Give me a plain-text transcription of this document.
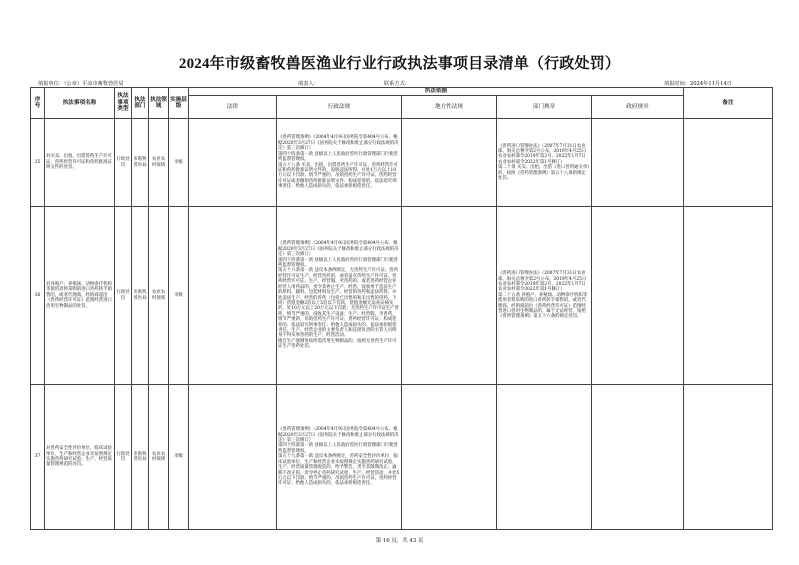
2024年市级畜牧兽医渔业行业行政执法事项目录清单（行政处罚）
填报单位：（公章）平凉市畜牧兽医局	填表人：	联系方式：	填报时间：2024年11月14日
序号	执法事项名称	执法事项类型	执法部门	执法领域	实施层级	执法依据					备注
						法律	行政法规	地方性法规	部门规章	政府规章	
35	对买卖、出租、出借兽药生产许可证、兽药经营许可证和兽药批准证明文件的处罚。	行政处罚	市畜牧兽医局	农业农村领域	市级		《兽药管理条例》（2004年4月9日国务院令第404号公布，根据2020年3月27日《国务院关于修改和废止部分行政法规的决定》第三次修订）
第四十四条第一款 县级以上人民政府兽医行政管理部门行使兽药监督管理权。
第五十八条 买卖、出租、出借兽药生产许可证、兽药经营许可证和兽药批准证明文件的，没收违法所得，并处1万元以上10万元以下罚款；情节严重的，吊销兽药生产许可证、兽药经营许可证或者撤销兽药批准证明文件；构成犯罪的，依法追究刑事责任；给他人造成损失的，依法承担赔偿责任。		《兽药进口管理办法》（2007年7月31日农业部、海关总署令第2号公布，2019年4月25日农业农村部令2019年第2号、2022年1月7日农业农村部令2022年第1号修订）
第二十条 买卖、出租、出借《进口兽药通关单》的，按照《兽药管理条例》第五十八条的规定处罚。		

36	对养殖户、养殖场、动物诊疗机构等使用者将采购的进口兽药转手销售的，或者代理商、经销商超出《兽药经营许可证》范围经营进口兽用生物制品的处罚。	行政处罚	市畜牧兽医局	农业农村领域	市级		《兽药管理条例》（2004年4月9日国务院令第404号公布，根据2020年3月27日《国务院关于修改和废止部分行政法规的决定》第三次修订）
第四十四条第一款 县级以上人民政府兽医行政管理部门行使兽药监督管理权。
第五十六条第一款 违反本条例规定，无兽药生产许可证、兽药经营许可证生产、经营兽药的，或者虽有兽药生产许可证、兽药经营许可证，生产、经营假、劣兽药的，或者兽药经营企业经营人用药品的，责令其停止生产、经营，没收用于违法生产的原料、辅料、包装材料及生产、经营的兽药和违法所得，并处违法生产、经营的兽药（包括已出售的和未出售的兽药，下同）货值金额2倍以上5倍以下罚款，货值金额无法查证核实的，处10万元以上20万元以下罚款；无兽药生产许可证生产兽药，情节严重的，没收其生产设备；生产、经营假、劣兽药，情节严重的，吊销兽药生产许可证、兽药经营许可证；构成犯罪的，依法追究刑事责任；给他人造成损失的，依法承担赔偿责任。生产、经营企业的主要负责人和直接负责的主管人员终身不得从事兽药的生产、经营活动。
擅自生产强制免疫所需兽用生物制品的，按照无兽药生产许可证生产兽药处罚。		《兽药进口管理办法》（2007年7月31日农业部、海关总署令第2号公布，2019年4月25日农业农村部令2019年第2号、2022年1月7日农业农村部令2022年第1号修订）
第二十五条 养殖户、养殖场、动物诊疗机构等使用者将采购的进口兽药转手销售的，或者代理商、经销商超出《兽药经营许可证》范围经营进口兽用生物制品的，属于无证经营，按照《兽药管理条例》第五十六条的规定处罚。		

37	对兽药安全性评价单位、临床试验单位、生产和经营企业未按照规定实施兽药研究试验、生产、经营质量管理规范的处罚。	行政处罚	市畜牧兽医局	农业农村领域	市级		《兽药管理条例》（2004年4月9日国务院令第404号公布，根据2020年3月27日《国务院关于修改和废止部分行政法规的决定》第三次修订）
第四十四条第一款 县级以上人民政府兽医行政管理部门行使兽药监督管理权。
第五十九条第一款 违反本条例规定，兽药安全性评价单位、临床试验单位、生产和经营企业未按照规定实施兽药研究试验、生产、经营质量管理规范的，给予警告，责令其限期改正；逾期不改正的，责令停止兽药研究试验、生产、经营活动，并处5万元以下罚款；情节严重的，吊销兽药生产许可证、兽药经营许可证；给他人造成损失的，依法承担赔偿责任。				

第 16 页，共 43 页
